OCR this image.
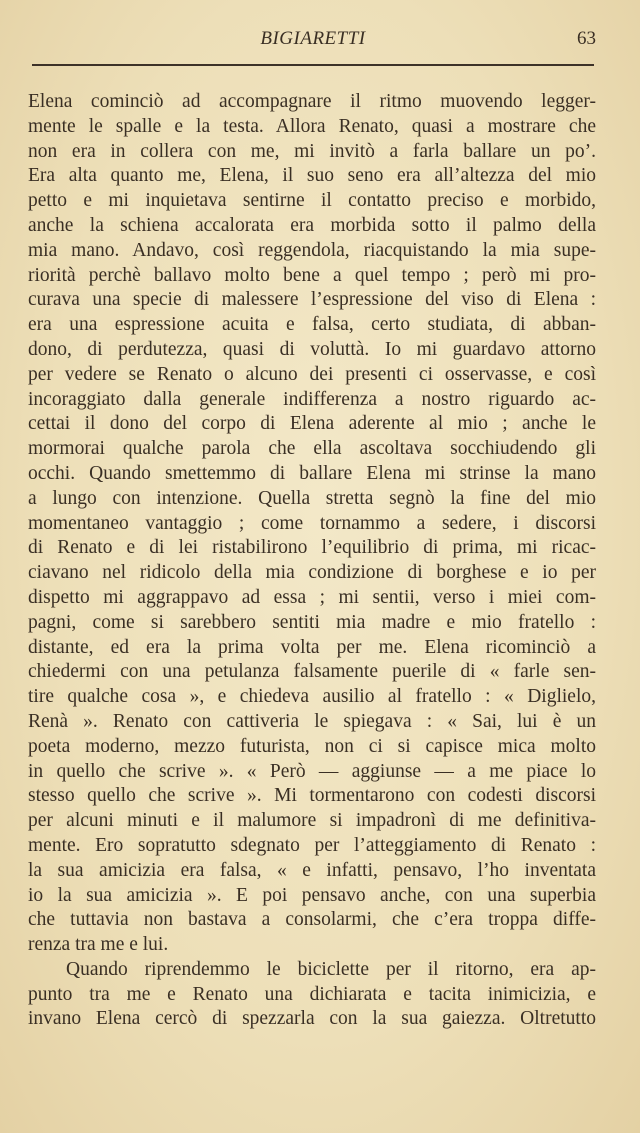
BIGIARETTI	63
Elena cominciò ad accompagnare il ritmo muovendo legger-
mente le spalle e la testa. Allora Renato, quasi a mostrare che
non era in collera con me, mi invitò a farla ballare un po’.
Era alta quanto me, Elena, il suo seno era all’altezza del mio
petto e mi inquietava sentirne il contatto preciso e morbido,
anche la schiena accalorata era morbida sotto il palmo della
mia mano. Andavo, così reggendola, riacquistando la mia supe-
riorità perchè ballavo molto bene a quel tempo ; però mi pro-
curava una specie di malessere l’espressione del viso di Elena :
era una espressione acuita e falsa, certo studiata, di abban-
dono, di perdutezza, quasi di voluttà. Io mi guardavo attorno
per vedere se Renato o alcuno dei presenti ci osservasse, e così
incoraggiato dalla generale indifferenza a nostro riguardo ac-
cettai il dono del corpo di Elena aderente al mio ; anche le
mormorai qualche parola che ella ascoltava socchiudendo gli
occhi. Quando smettemmo di ballare Elena mi strinse la mano
a lungo con intenzione. Quella stretta segnò la fine del mio
momentaneo vantaggio ; come tornammo a sedere, i discorsi
di Renato e di lei ristabilirono l’equilibrio di prima, mi ricac-
ciavano nel ridicolo della mia condizione di borghese e io per
dispetto mi aggrappavo ad essa ; mi sentii, verso i miei com-
pagni, come si sarebbero sentiti mia madre e mio fratello :
distante, ed era la prima volta per me. Elena ricominciò a
chiedermi con una petulanza falsamente puerile di « farle sen-
tire qualche cosa », e chiedeva ausilio al fratello : « Diglielo,
Renà ». Renato con cattiveria le spiegava : « Sai, lui è un
poeta moderno, mezzo futurista, non ci si capisce mica molto
in quello che scrive ». « Però — aggiunse — a me piace lo
stesso quello che scrive ». Mi tormentarono con codesti discorsi
per alcuni minuti e il malumore si impadronì di me definitiva-
mente. Ero sopratutto sdegnato per l’atteggiamento di Renato :
la sua amicizia era falsa, « e infatti, pensavo, l’ho inventata
io la sua amicizia ». E poi pensavo anche, con una superbia
che tuttavia non bastava a consolarmi, che c’era troppa diffe-
renza tra me e lui.
Quando riprendemmo le biciclette per il ritorno, era ap-
punto tra me e Renato una dichiarata e tacita inimicizia, e
invano Elena cercò di spezzarla con la sua gaiezza. Oltretutto
